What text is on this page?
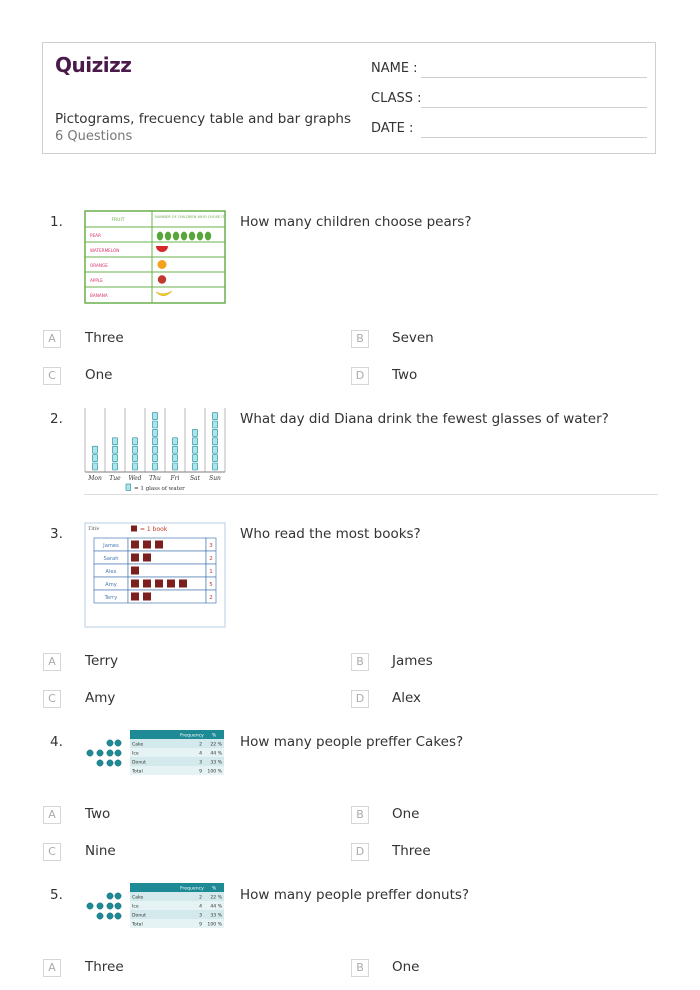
Quizizz
Pictograms, frecuency table and bar graphs
6 Questions
NAME :
CLASS :
DATE :
1.	FRUIT
NUMBER OF CHILDREN WHO CHOSE IT
PEAR
WATERMELON
ORANGE
APPLE
BANANA
How many children choose pears?
A	Three	B	Seven
C	One	D	Two
2.
Mon Tue Wed Thu Fri Sat Sun
= 1 glass of water
What day did Diana drink the fewest glasses of water?
3.	Title	= 1 book
James	3
Sarah	2
Alex	1
Amy	5
Terry	2
Who read the most books?
A	Terry	B	James
C	Amy	D	Alex
4.	Frequency %
Cake	2 22 %
Ice	4 44 %
Donut	3 33 %
Total	9 100 %
How many people preffer Cakes?
A	Two	B	One
C	Nine	D	Three
5.	Frequency %
Cake	2 22 %
Ice	4 44 %
Donut	3 33 %
Total	9 100 %
How many people preffer donuts?
A	Three	B	One
